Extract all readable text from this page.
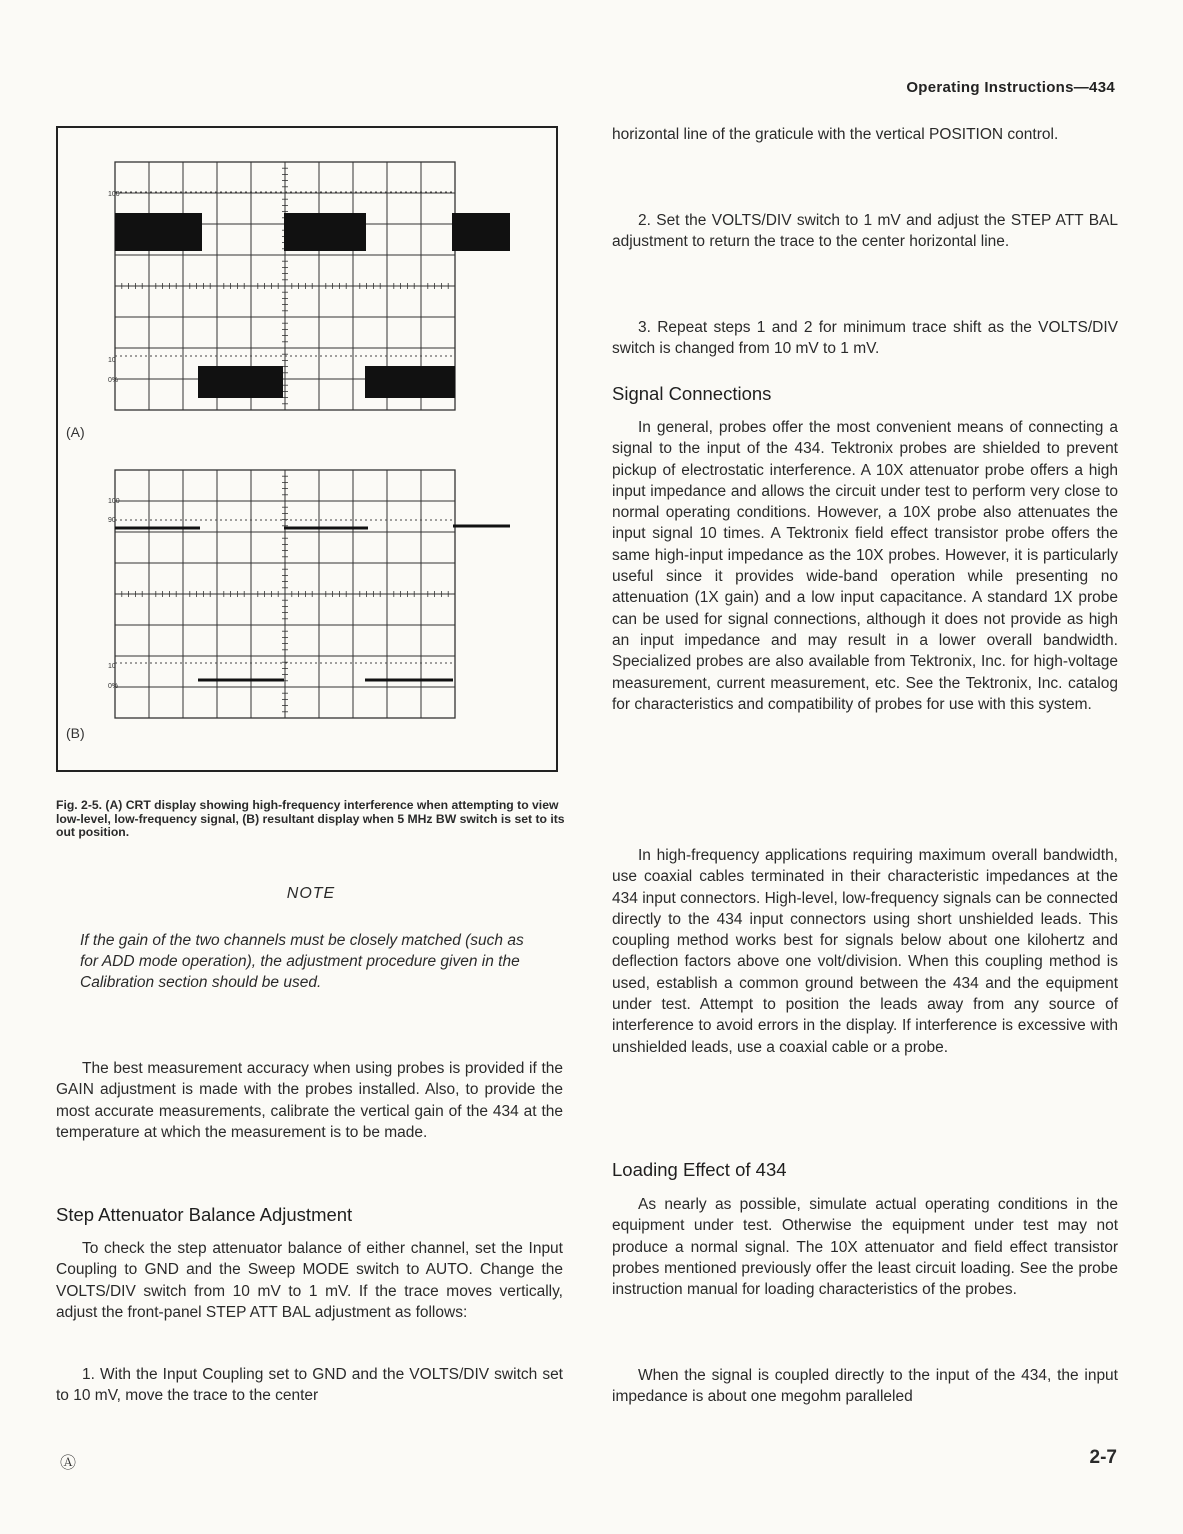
Operating Instructions—434
100
10
0%
100
90
10
0%
(A)
(B)
Fig. 2-5. (A) CRT display showing high-frequency interference when attempting to view low-level, low-frequency signal, (B) resultant display when 5 MHz BW switch is set to its out position.
NOTE
If the gain of the two channels must be closely matched (such as for ADD mode operation), the adjustment procedure given in the Calibration section should be used.

The best measurement accuracy when using probes is provided if the GAIN adjustment is made with the probes installed. Also, to provide the most accurate measurements, calibrate the vertical gain of the 434 at the temperature at which the measurement is to be made.

Step Attenuator Balance Adjustment

To check the step attenuator balance of either channel, set the Input Coupling to GND and the Sweep MODE switch to AUTO. Change the VOLTS/DIV switch from 10 mV to 1 mV. If the trace moves vertically, adjust the front-panel STEP ATT BAL adjustment as follows:

1. With the Input Coupling set to GND and the VOLTS/DIV switch set to 10 mV, move the trace to the center

horizontal line of the graticule with the vertical POSITION control.

2. Set the VOLTS/DIV switch to 1 mV and adjust the STEP ATT BAL adjustment to return the trace to the center horizontal line.

3. Repeat steps 1 and 2 for minimum trace shift as the VOLTS/DIV switch is changed from 10 mV to 1 mV.

Signal Connections

In general, probes offer the most convenient means of connecting a signal to the input of the 434. Tektronix probes are shielded to prevent pickup of electrostatic interference. A 10X attenuator probe offers a high input impedance and allows the circuit under test to perform very close to normal operating conditions. However, a 10X probe also attenuates the input signal 10 times. A Tektronix field effect transistor probe offers the same high-input impedance as the 10X probes. However, it is particularly useful since it provides wide-band operation while presenting no attenuation (1X gain) and a low input capacitance. A standard 1X probe can be used for signal connections, although it does not provide as high an input impedance and may result in a lower overall bandwidth. Specialized probes are also available from Tektronix, Inc. for high-voltage measurement, current measurement, etc. See the Tektronix, Inc. catalog for characteristics and compatibility of probes for use with this system.

In high-frequency applications requiring maximum overall bandwidth, use coaxial cables terminated in their characteristic impedances at the 434 input connectors. High-level, low-frequency signals can be connected directly to the 434 input connectors using short unshielded leads. This coupling method works best for signals below about one kilohertz and deflection factors above one volt/division. When this coupling method is used, establish a common ground between the 434 and the equipment under test. Attempt to position the leads away from any source of interference to avoid errors in the display. If interference is excessive with unshielded leads, use a coaxial cable or a probe.

Loading Effect of 434

As nearly as possible, simulate actual operating conditions in the equipment under test. Otherwise the equipment under test may not produce a normal signal. The 10X attenuator and field effect transistor probes mentioned previously offer the least circuit loading. See the probe instruction manual for loading characteristics of the probes.

When the signal is coupled directly to the input of the 434, the input impedance is about one megohm paralleled

Ⓐ	2-7
